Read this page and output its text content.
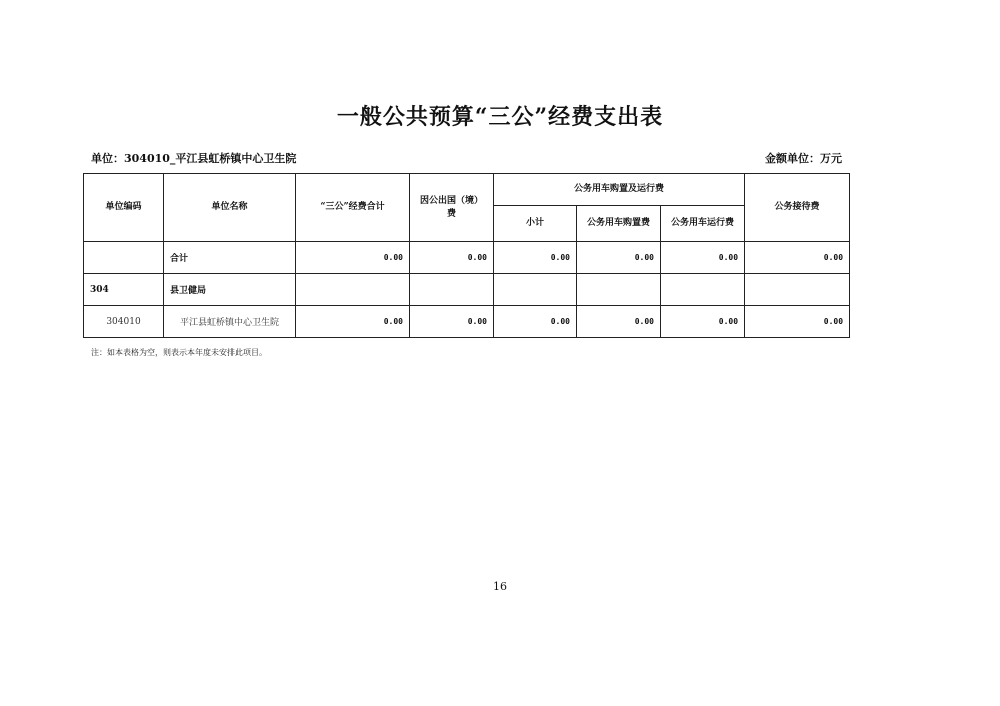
一般公共预算“三公”经费支出表
单位：304010_平江县虹桥镇中心卫生院	金额单位：万元
单位编码	单位名称	“三公”经费合计	因公出国（境）费	公务用车购置及运行费			公务接待费
				小计	公务用车购置费	公务用车运行费	
	合计	0.00	0.00	0.00	0.00	0.00	0.00
304	县卫健局						
304010	平江县虹桥镇中心卫生院	0.00	0.00	0.00	0.00	0.00	0.00
注：如本表格为空，则表示本年度未安排此项目。
16
